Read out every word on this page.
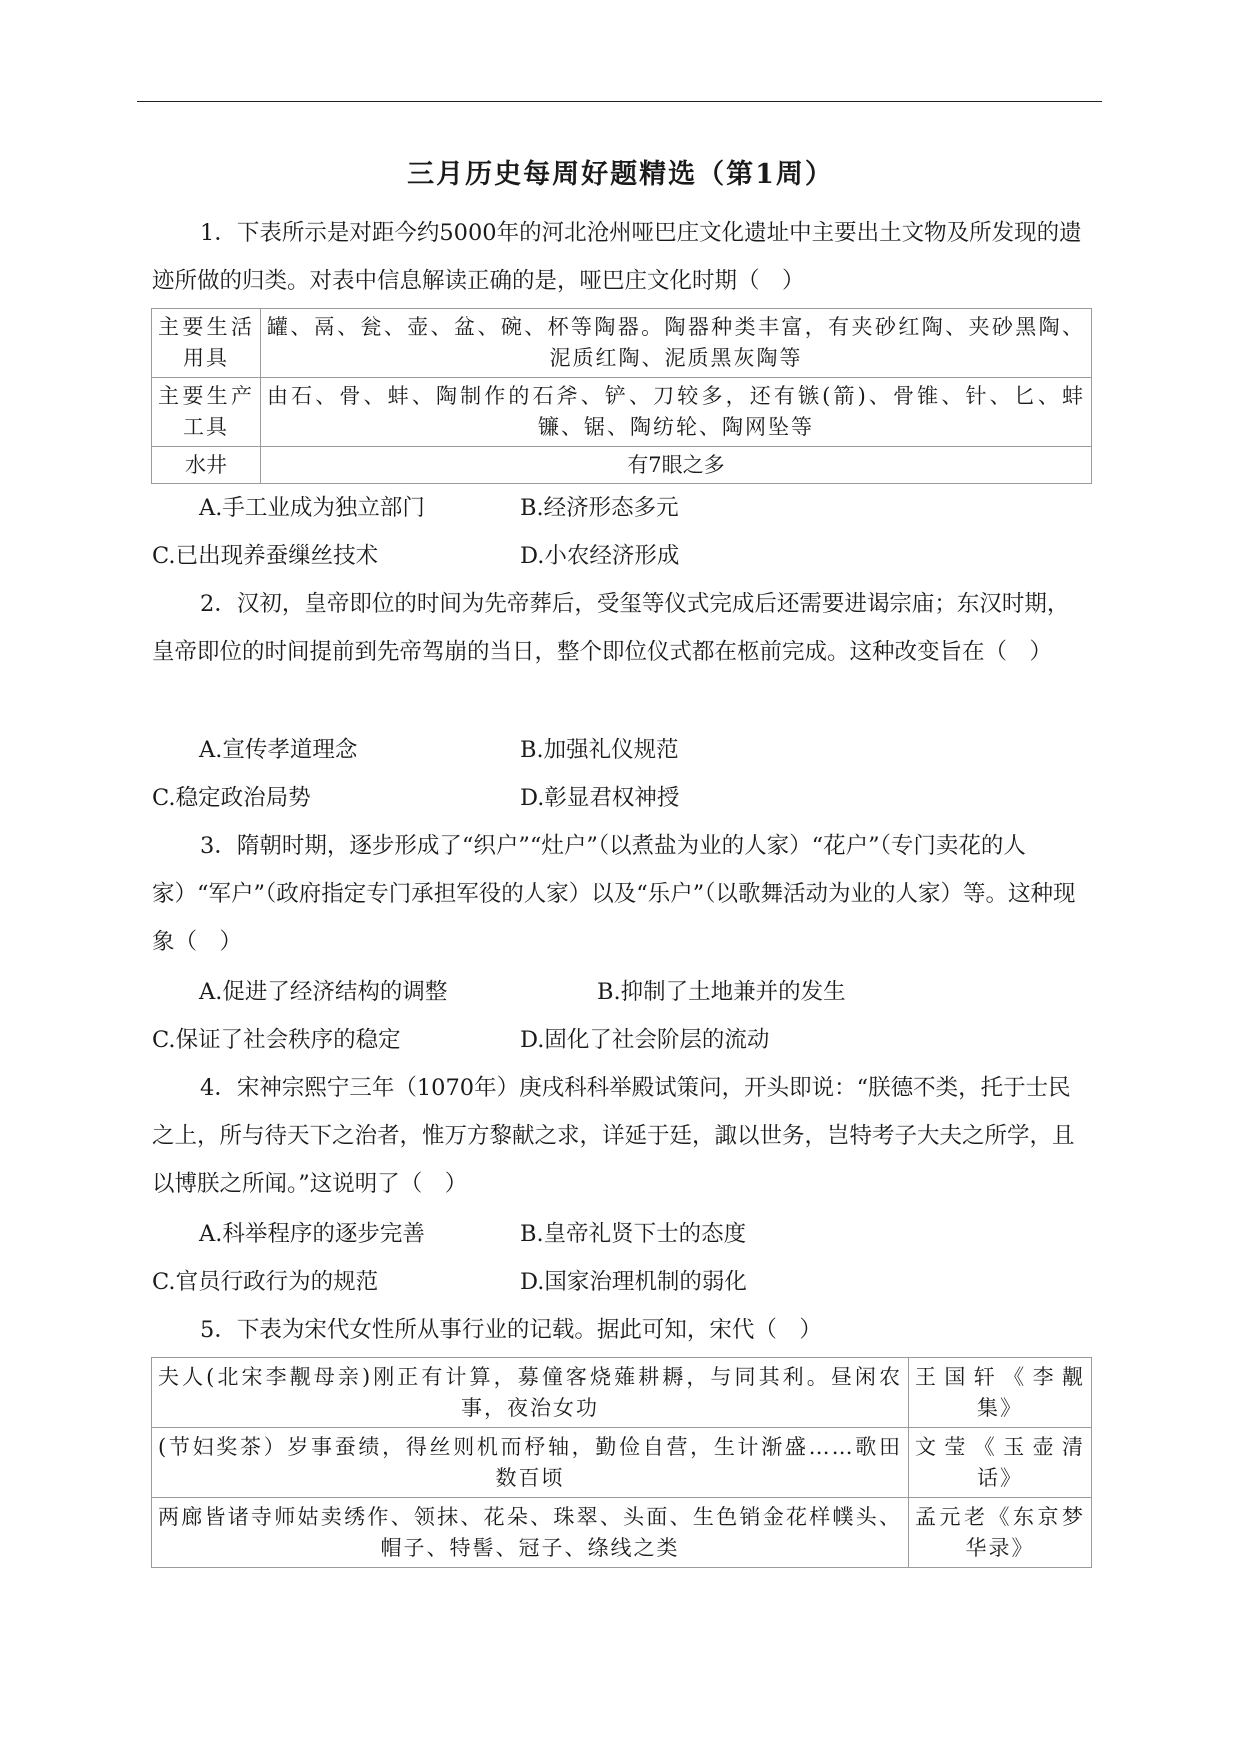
三月历史每周好题精选（第1周）

1．下表所示是对距今约5000年的河北沧州哑巴庄文化遗址中主要出土文物及所发现的遗迹所做的归类。对表中信息解读正确的是，哑巴庄文化时期（　）

主要生活用具	罐、鬲、瓮、壶、盆、碗、杯等陶器。陶器种类丰富，有夹砂红陶、夹砂黑陶、泥质红陶、泥质黑灰陶等
主要生产工具	由石、骨、蚌、陶制作的石斧、铲、刀较多，还有镞(箭)、骨锥、针、匕、蚌镰、锯、陶纺轮、陶网坠等
水井	有7眼之多
A.手工业成为独立部门	B.经济形态多元
C.已出现养蚕缫丝技术	D.小农经济形成

2．汉初，皇帝即位的时间为先帝葬后，受玺等仪式完成后还需要进谒宗庙；东汉时期，皇帝即位的时间提前到先帝驾崩的当日，整个即位仪式都在柩前完成。这种改变旨在（　）

A.宣传孝道理念	B.加强礼仪规范
C.稳定政治局势	D.彰显君权神授

3．隋朝时期，逐步形成了“织户”“灶户”（以煮盐为业的人家）“花户”（专门卖花的人家）“军户”（政府指定专门承担军役的人家）以及“乐户”（以歌舞活动为业的人家）等。这种现象（　）

A.促进了经济结构的调整	B.抑制了土地兼并的发生
C.保证了社会秩序的稳定	D.固化了社会阶层的流动

4．宋神宗熙宁三年（1070年）庚戌科科举殿试策问，开头即说：“朕德不类，托于士民之上，所与待天下之治者，惟万方黎献之求，详延于廷，諏以世务，岂特考子大夫之所学，且以博朕之所闻。”这说明了（　）

A.科举程序的逐步完善	B.皇帝礼贤下士的态度
C.官员行政行为的规范	D.国家治理机制的弱化

5．下表为宋代女性所从事行业的记载。据此可知，宋代（　）

夫人(北宋李觏母亲)刚正有计算，募僮客烧薙耕耨，与同其利。昼闲农事，夜治女功	王国轩《李觏集》
(节妇奖茶）岁事蚕绩，得丝则机而杼轴，勤俭自营，生计渐盛……歌田数百顷	文莹《玉壶清话》
两廊皆诸寺师姑卖绣作、领抹、花朵、珠翠、头面、生色销金花样幞头、帽子、特髻、冠子、绦线之类	孟元老《东京梦华录》
